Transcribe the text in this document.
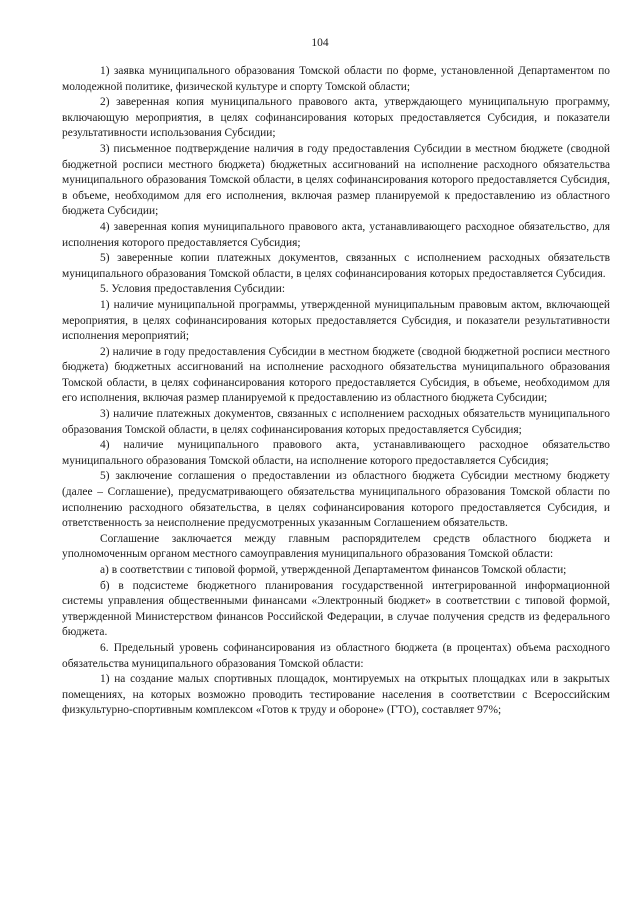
104

1) заявка муниципального образования Томской области по форме, установленной Департаментом по молодежной политике, физической культуре и спорту Томской области;

2) заверенная копия муниципального правового акта, утверждающего муниципальную программу, включающую мероприятия, в целях софинансирования которых предоставляется Субсидия, и показатели результативности использования Субсидии;

3) письменное подтверждение наличия в году предоставления Субсидии в местном бюджете (сводной бюджетной росписи местного бюджета) бюджетных ассигнований на исполнение расходного обязательства муниципального образования Томской области, в целях софинансирования которого предоставляется Субсидия, в объеме, необходимом для его исполнения, включая размер планируемой к предоставлению из областного бюджета Субсидии;

4) заверенная копия муниципального правового акта, устанавливающего расходное обязательство, для исполнения которого предоставляется Субсидия;

5) заверенные копии платежных документов, связанных с исполнением расходных обязательств муниципального образования Томской области, в целях софинансирования которых предоставляется Субсидия.

5. Условия предоставления Субсидии:

1) наличие муниципальной программы, утвержденной муниципальным правовым актом, включающей мероприятия, в целях софинансирования которых предоставляется Субсидия, и показатели результативности исполнения мероприятий;

2) наличие в году предоставления Субсидии в местном бюджете (сводной бюджетной росписи местного бюджета) бюджетных ассигнований на исполнение расходного обязательства муниципального образования Томской области, в целях софинансирования которого предоставляется Субсидия, в объеме, необходимом для его исполнения, включая размер планируемой к предоставлению из областного бюджета Субсидии;

3) наличие платежных документов, связанных с исполнением расходных обязательств муниципального образования Томской области, в целях софинансирования которых предоставляется Субсидия;

4) наличие муниципального правового акта, устанавливающего расходное обязательство муниципального образования Томской области, на исполнение которого предоставляется Субсидия;

5) заключение соглашения о предоставлении из областного бюджета Субсидии местному бюджету (далее – Соглашение), предусматривающего обязательства муниципального образования Томской области по исполнению расходного обязательства, в целях софинансирования которого предоставляется Субсидия, и ответственность за неисполнение предусмотренных указанным Соглашением обязательств.

Соглашение заключается между главным распорядителем средств областного бюджета и уполномоченным органом местного самоуправления муниципального образования Томской области:

а) в соответствии с типовой формой, утвержденной Департаментом финансов Томской области;

б) в подсистеме бюджетного планирования государственной интегрированной информационной системы управления общественными финансами «Электронный бюджет» в соответствии с типовой формой, утвержденной Министерством финансов Российской Федерации, в случае получения средств из федерального бюджета.

6. Предельный уровень софинансирования из областного бюджета (в процентах) объема расходного обязательства муниципального образования Томской области:

1) на создание малых спортивных площадок, монтируемых на открытых площадках или в закрытых помещениях, на которых возможно проводить тестирование населения в соответствии с Всероссийским физкультурно-спортивным комплексом «Готов к труду и обороне» (ГТО), составляет 97%;
